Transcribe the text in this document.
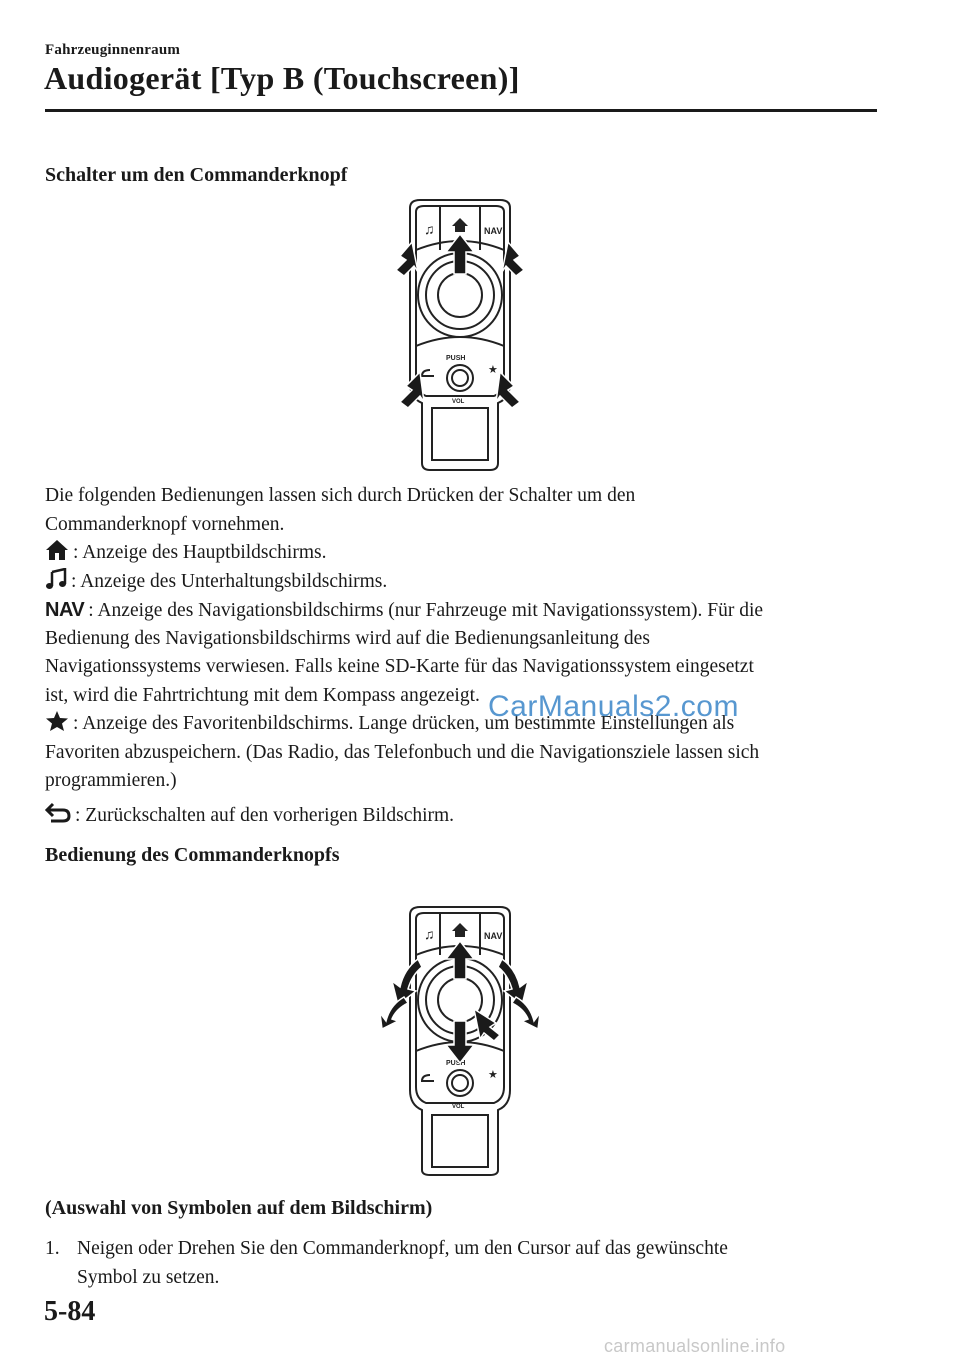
Fahrzeuginnenraum
Audiogerät [Typ B (Touchscreen)]
Schalter um den Commanderknopf
NAV
PUSH
VOL
♫
★
Die folgenden Bedienungen lassen sich durch Drücken der Schalter um den
Commanderknopf vornehmen.
: Anzeige des Hauptbildschirms.
: Anzeige des Unterhaltungsbildschirms.
NAV : Anzeige des Navigationsbildschirms (nur Fahrzeuge mit Navigationssystem). Für die
Bedienung des Navigationsbildschirms wird auf die Bedienungsanleitung des
Navigationssystems verwiesen. Falls keine SD-Karte für das Navigationssystem eingesetzt
ist, wird die Fahrtrichtung mit dem Kompass angezeigt.
: Anzeige des Favoritenbildschirms. Lange drücken, um bestimmte Einstellungen als
Favoriten abzuspeichern. (Das Radio, das Telefonbuch und die Navigationsziele lassen sich
programmieren.)
: Zurückschalten auf den vorherigen Bildschirm.
CarManuals2.com
Bedienung des Commanderknopfs
NAV
PUSH
VOL
♫
★
(Auswahl von Symbolen auf dem Bildschirm)
1. Neigen oder Drehen Sie den Commanderknopf, um den Cursor auf das gewünschte
Symbol zu setzen.
5-84
carmanualsonline.info
